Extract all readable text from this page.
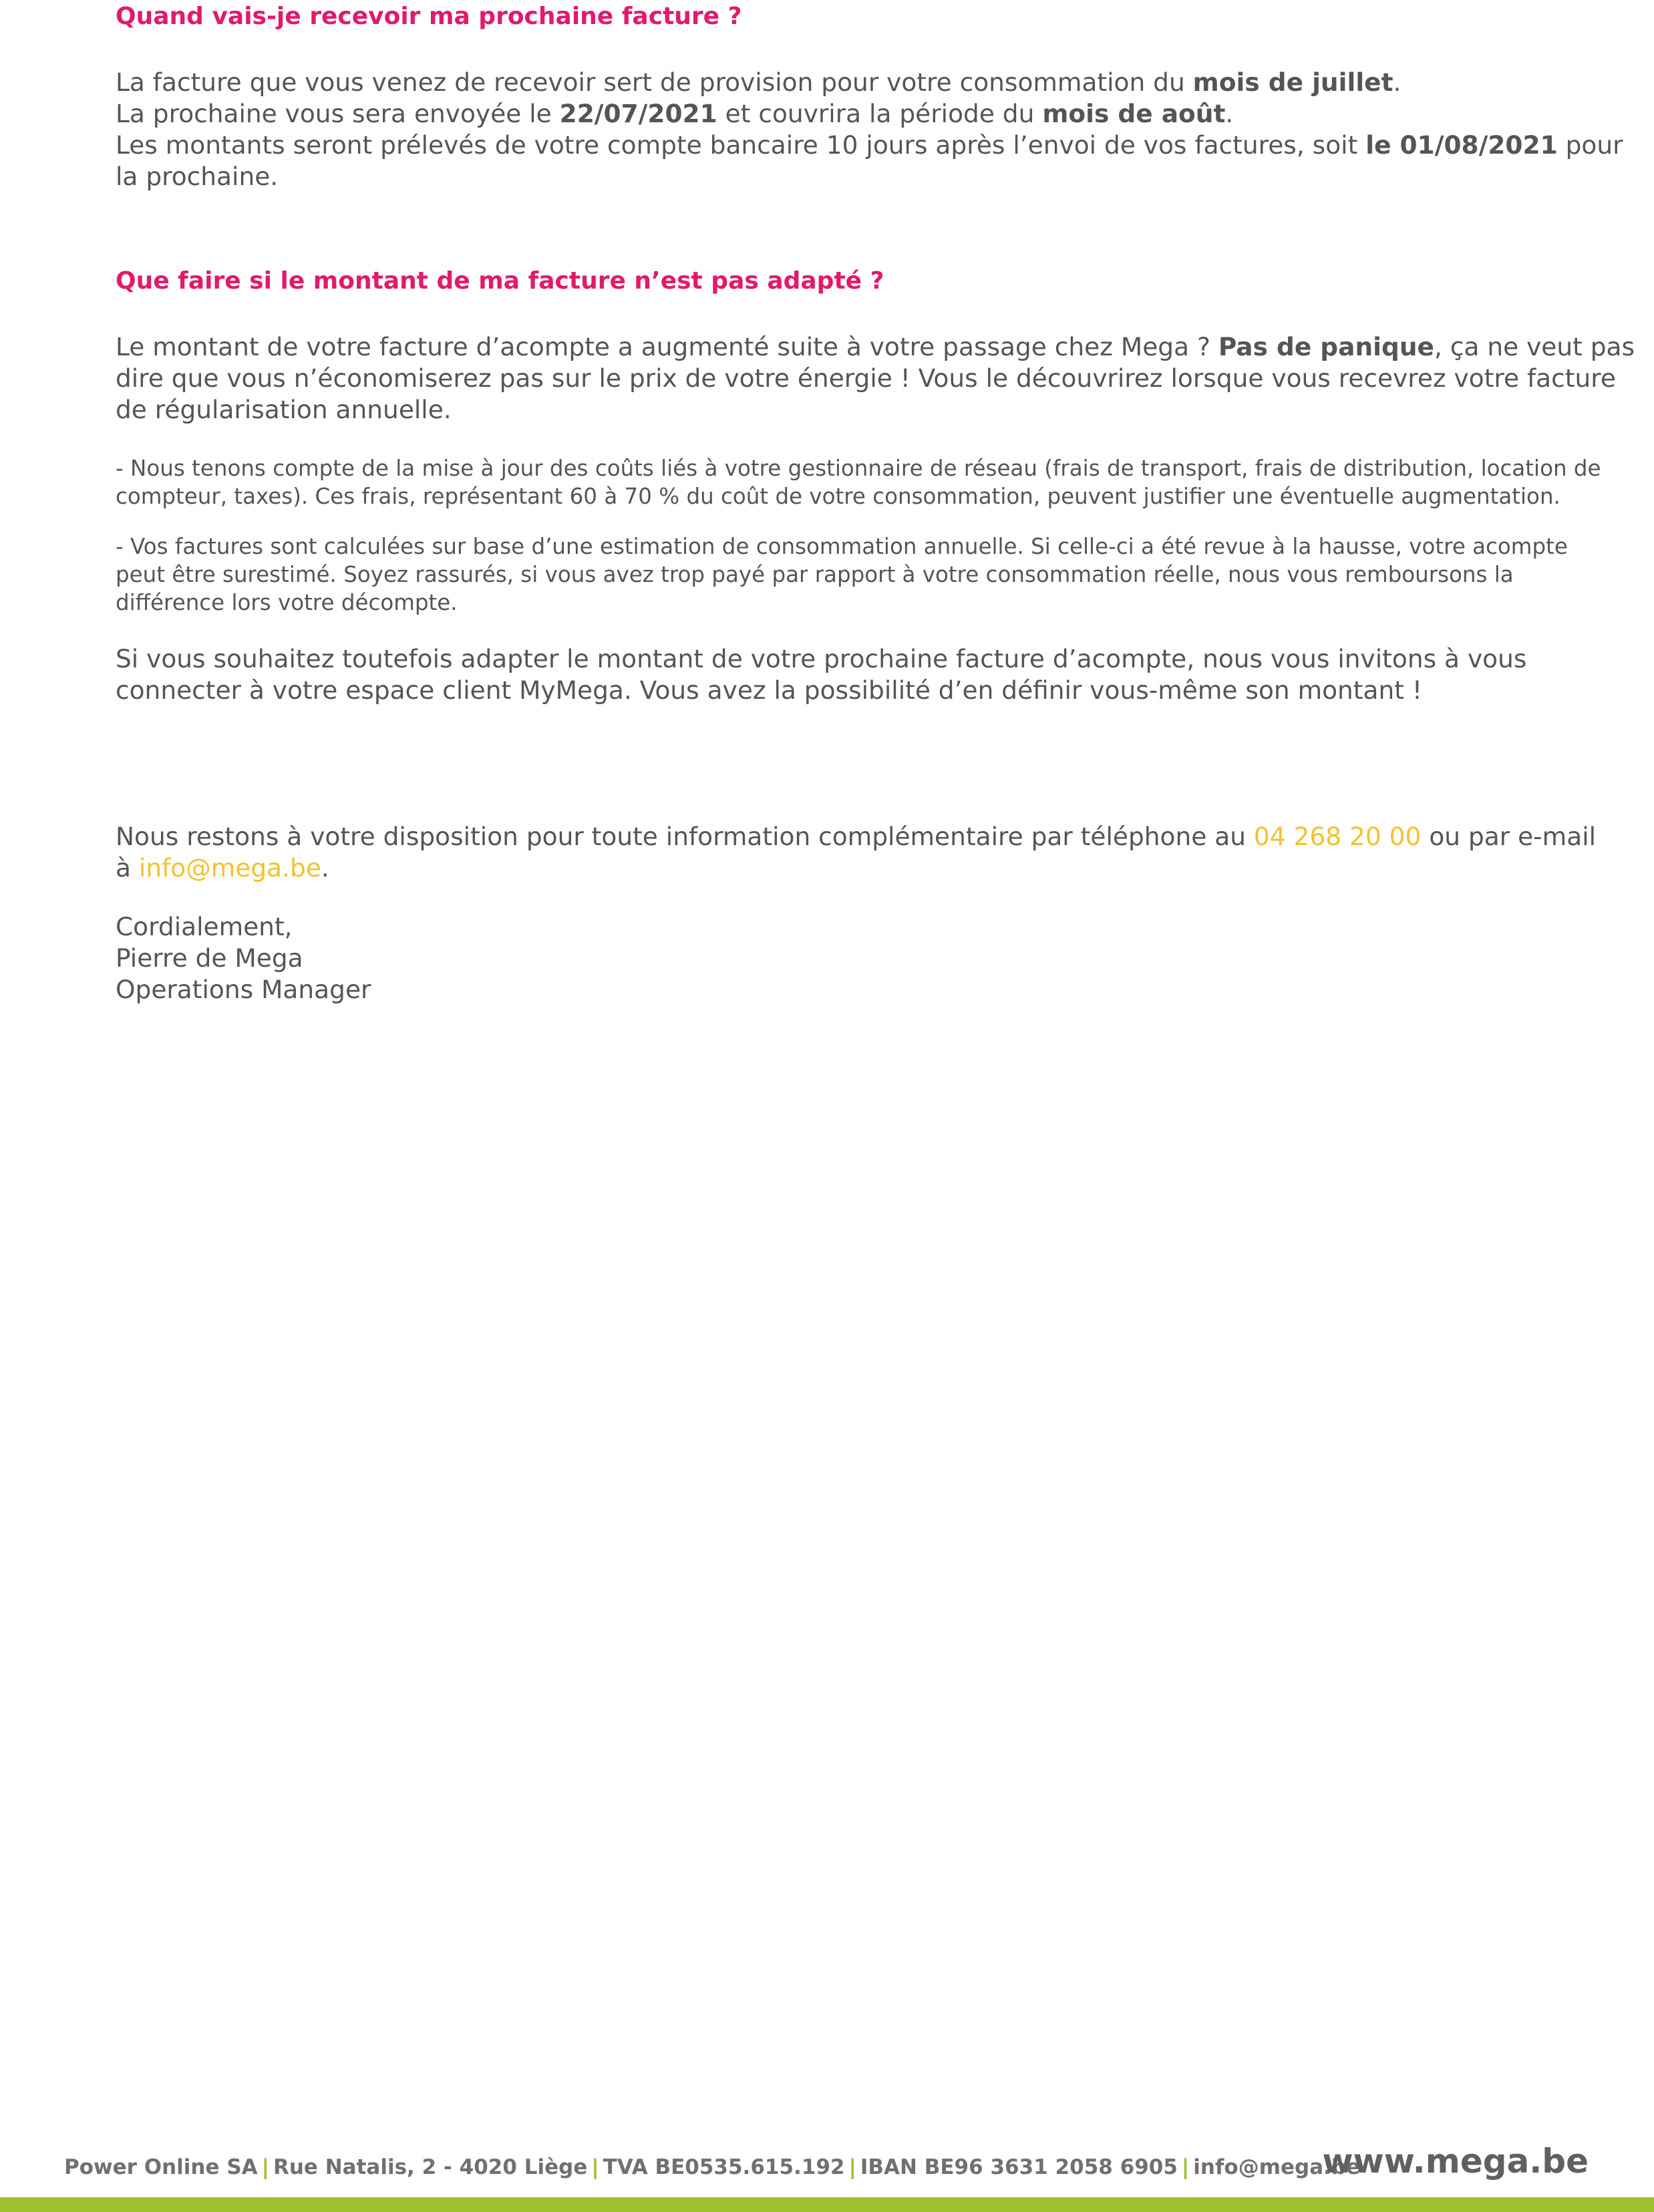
Quand vais-je recevoir ma prochaine facture ?
La facture que vous venez de recevoir sert de provision pour votre consommation du mois de juillet.
La prochaine vous sera envoyée le 22/07/2021 et couvrira la période du mois de août.
Les montants seront prélevés de votre compte bancaire 10 jours après l’envoi de vos factures, soit le 01/08/2021 pour
la prochaine.
Que faire si le montant de ma facture n’est pas adapté ?
Le montant de votre facture d’acompte a augmenté suite à votre passage chez Mega ? Pas de panique, ça ne veut pas
dire que vous n’économiserez pas sur le prix de votre énergie ! Vous le découvrirez lorsque vous recevrez votre facture
de régularisation annuelle.
- Nous tenons compte de la mise à jour des coûts liés à votre gestionnaire de réseau (frais de transport, frais de distribution, location de
compteur, taxes). Ces frais, représentant 60 à 70 % du coût de votre consommation, peuvent justifier une éventuelle augmentation.
- Vos factures sont calculées sur base d’une estimation de consommation annuelle. Si celle-ci a été revue à la hausse, votre acompte
peut être surestimé. Soyez rassurés, si vous avez trop payé par rapport à votre consommation réelle, nous vous remboursons la
différence lors votre décompte.
Si vous souhaitez toutefois adapter le montant de votre prochaine facture d’acompte, nous vous invitons à vous
connecter à votre espace client MyMega. Vous avez la possibilité d’en définir vous-même son montant !
Nous restons à votre disposition pour toute information complémentaire par téléphone au 04 268 20 00 ou par e-mail
à info@mega.be.
Cordialement,
Pierre de Mega
Operations Manager
Power Online SA | Rue Natalis, 2 - 4020 Liège | TVA BE0535.615.192 | IBAN BE96 3631 2058 6905 | info@mega.be
www.mega.be
